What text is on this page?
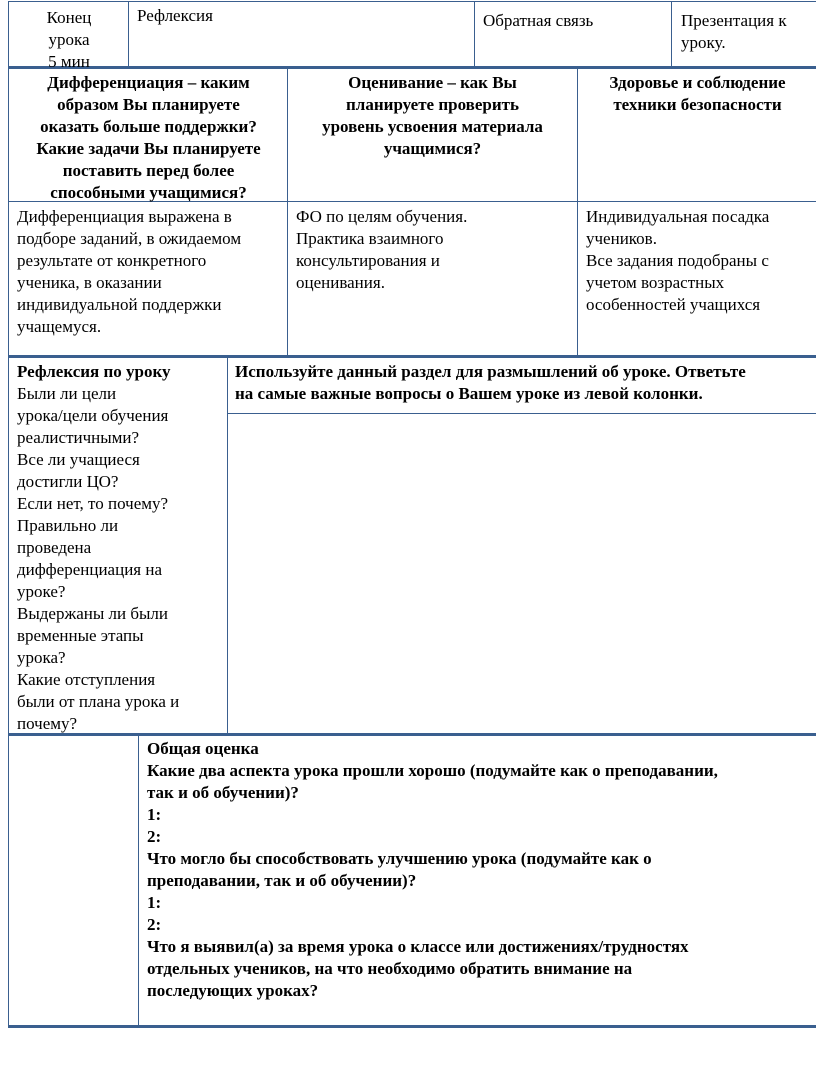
Конец
урока
5 мин
Рефлексия	Обратная связь	Презентация к
уроку.
Дифференциация – каким
образом Вы планируете
оказать больше поддержки?
Какие задачи Вы планируете
поставить перед более
способными учащимися?
Оценивание – как Вы
планируете проверить
уровень усвоения материала
учащимися?
Здоровье и соблюдение
техники безопасности
Дифференциация выражена в
подборе заданий, в ожидаемом
результате от конкретного
ученика, в оказании
индивидуальной поддержки
учащемуся.
ФО по целям обучения.
Практика взаимного
консультирования и
оценивания.
Индивидуальная посадка
учеников.
Все задания подобраны с
учетом возрастных
особенностей учащихся
Рефлексия по уроку
Были ли цели
урока/цели обучения
реалистичными?
Все ли учащиеся
достигли ЦО?
Если нет, то почему?
Правильно ли
проведена
дифференциация на
уроке?
Выдержаны ли были
временные этапы
урока?
Какие отступления
были от плана урока и
почему?
Используйте данный раздел для размышлений об уроке. Ответьте
на самые важные вопросы о Вашем уроке из левой колонки.
Общая оценка
Какие два аспекта урока прошли хорошо (подумайте как о преподавании,
так и об обучении)?
1:
2:
Что могло бы способствовать улучшению урока (подумайте как о
преподавании, так и об обучении)?
1:
2:
Что я выявил(а) за время урока о классе или достижениях/трудностях
отдельных учеников, на что необходимо обратить внимание на
последующих уроках?
